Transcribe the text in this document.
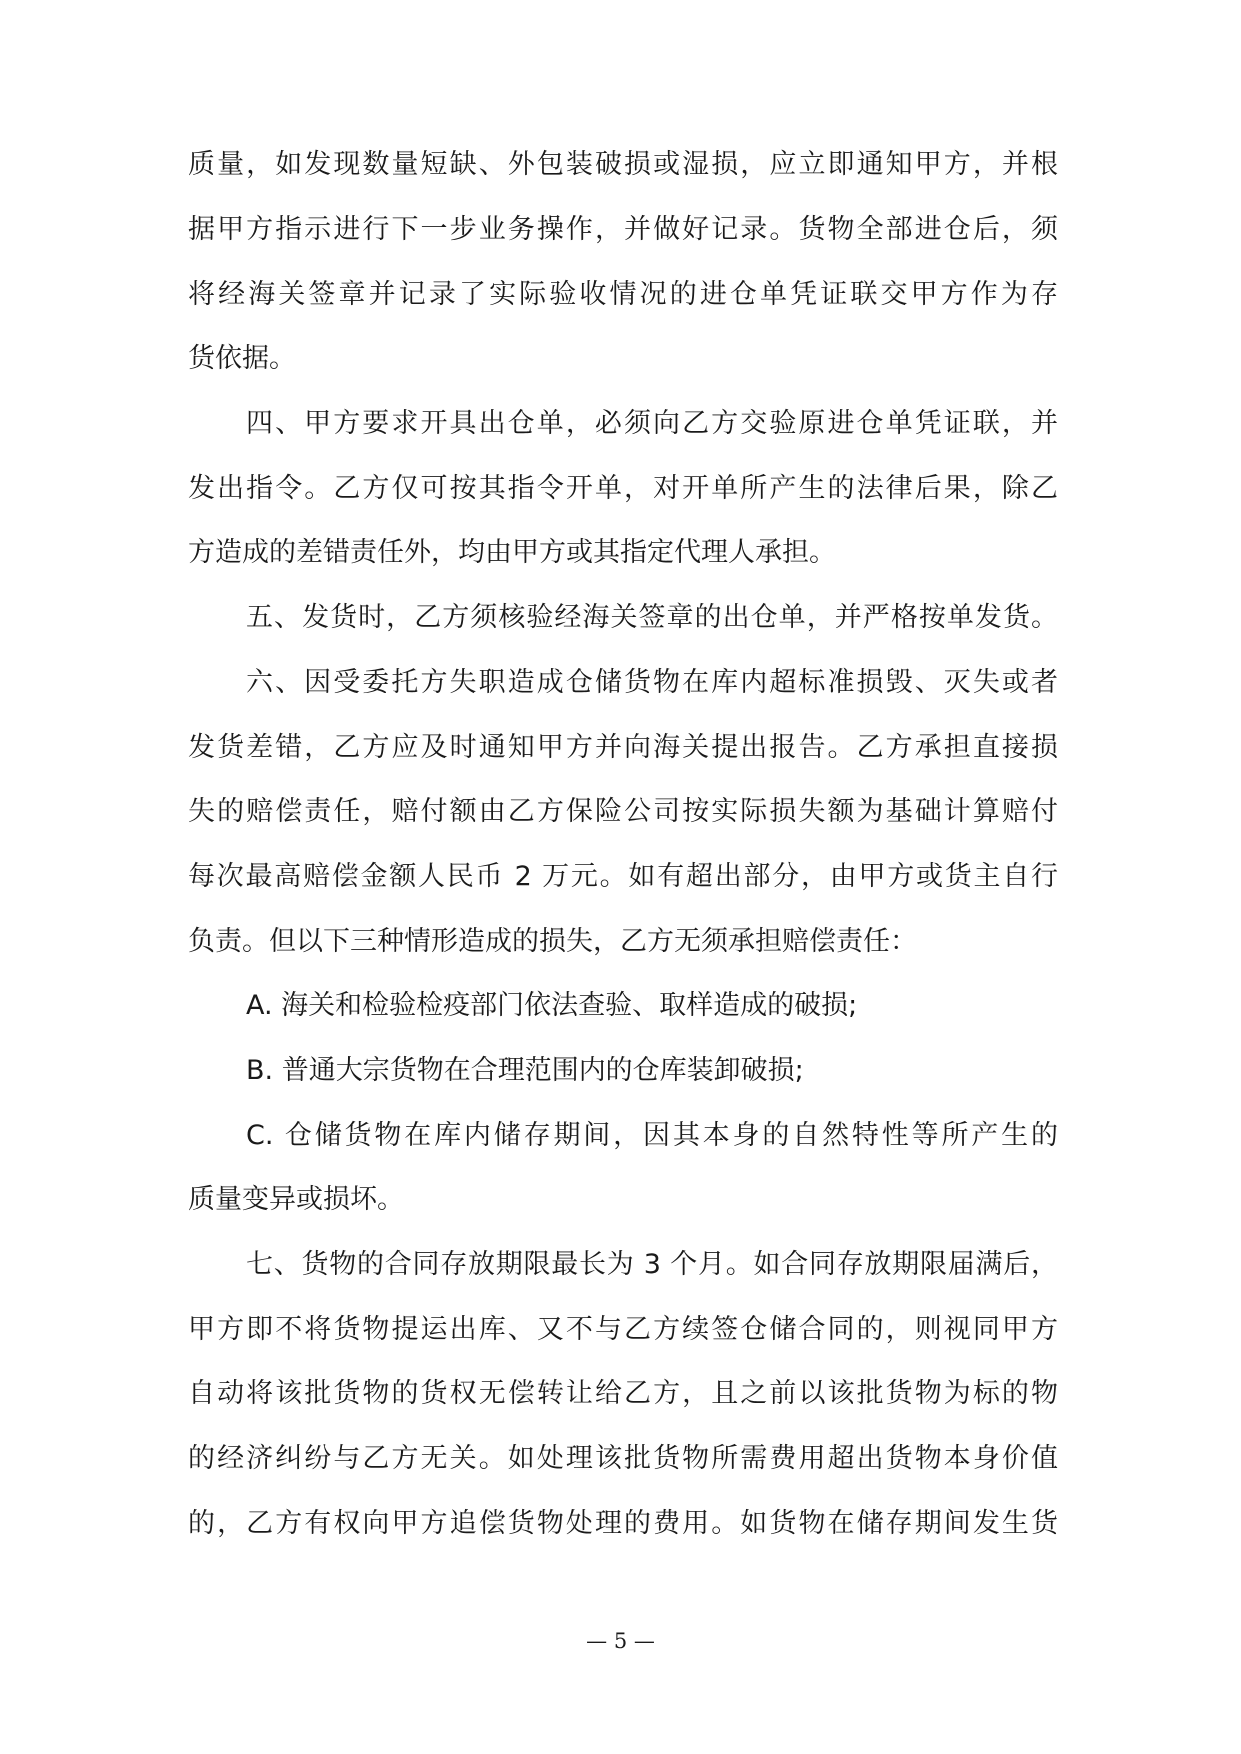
质量，如发现数量短缺、外包装破损或湿损，应立即通知甲方，并根
据甲方指示进行下一步业务操作，并做好记录。货物全部进仓后，须
将经海关签章并记录了实际验收情况的进仓单凭证联交甲方作为存
货依据。
四、甲方要求开具出仓单，必须向乙方交验原进仓单凭证联，并
发出指令。乙方仅可按其指令开单，对开单所产生的法律后果，除乙
方造成的差错责任外，均由甲方或其指定代理人承担。
五、发货时，乙方须核验经海关签章的出仓单，并严格按单发货。
六、因受委托方失职造成仓储货物在库内超标准损毁、灭失或者
发货差错，乙方应及时通知甲方并向海关提出报告。乙方承担直接损
失的赔偿责任，赔付额由乙方保险公司按实际损失额为基础计算赔付
每次最高赔偿金额人民币 2 万元。如有超出部分，由甲方或货主自行
负责。但以下三种情形造成的损失，乙方无须承担赔偿责任：
A. 海关和检验检疫部门依法查验、取样造成的破损;
B. 普通大宗货物在合理范围内的仓库装卸破损;
C. 仓储货物在库内储存期间，因其本身的自然特性等所产生的
质量变异或损坏。
七、货物的合同存放期限最长为 3 个月。如合同存放期限届满后，
甲方即不将货物提运出库、又不与乙方续签仓储合同的，则视同甲方
自动将该批货物的货权无偿转让给乙方，且之前以该批货物为标的物
的经济纠纷与乙方无关。如处理该批货物所需费用超出货物本身价值
的，乙方有权向甲方追偿货物处理的费用。如货物在储存期间发生货
— 5 —
